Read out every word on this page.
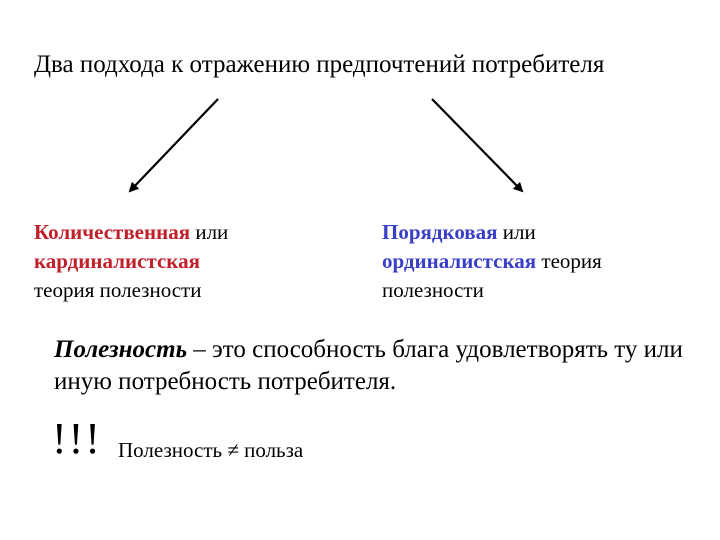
Два подхода к отражению предпочтений потребителя
Количественная или
кардиналистская
теория полезности
Порядковая или
ординалистская теория
полезности
Полезность – это способность блага удовлетворять ту или иную потребность потребителя.
!!! Полезность ≠ польза
